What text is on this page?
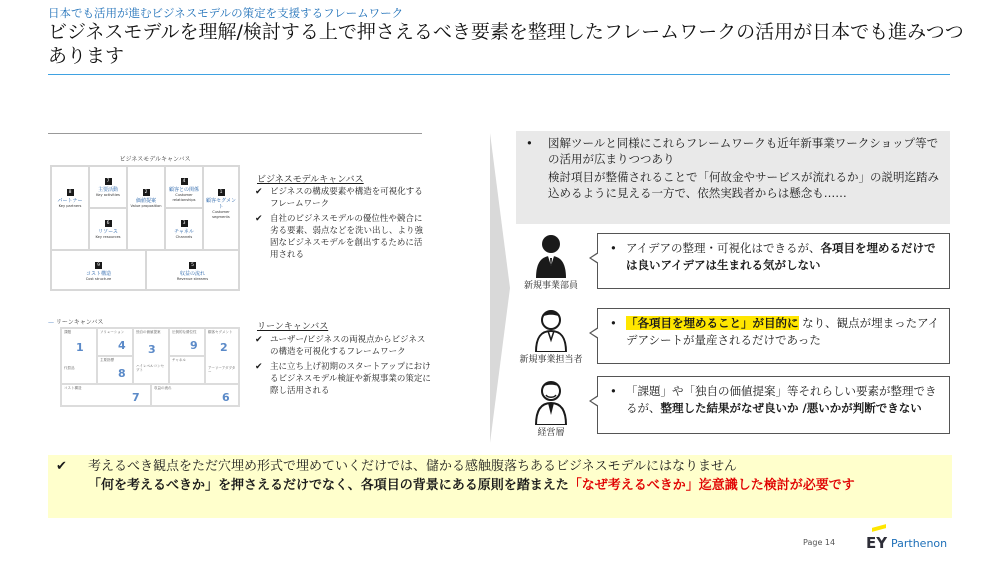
日本でも活用が進むビジネスモデルの策定を支援するフレームワーク
ビジネスモデルを理解/検討する上で押さえるべき要素を整理したフレームワークの活用が日本でも進みつつあります
ビジネスモデルキャンバス
8
パートナー
Key partners
7
主要活動
Key activities
6
リソース
Key resources
2
価値提案
Value proposition
4
顧客との関係
Customer relationships
3
チャネル
Channels
1
顧客セグメント
Customer segments
9
コスト構造
Cost structure
5
収益の流れ
Revenue streams
ビジネスモデルキャンバス
✔ ビジネスの構成要素や構造を可視化するフレームワーク
✔ 自社のビジネスモデルの優位性や競合に劣る要素、弱点などを洗い出し、より強固なビジネスモデルを創出するために活用される
— リーンキャンバス
課題
1
代替品
ソリューション
4
主要指標
8
独自の価値提案
3
ハイレベルコンセプト
圧倒的な優位性
9
チャネル
顧客セグメント
2
アーリーアダプター
コスト構造
7
収益の流れ
6
リーンキャンバス
✔ ユーザー/ビジネスの両視点からビジネスの構造を可視化するフレームワーク
✔ 主に立ち上げ初期のスタートアップにおけるビジネスモデル検証や新規事業の策定に際し活用される
• 図解ツールと同様にこれらフレームワークも近年新事業ワークショップ等での活用が広まりつつあり
検討項目が整備されることで「何故金やサービスが流れるか」の説明迄踏み込めるように見える一方で、依然実践者からは懸念も……
新規事業部員
新規事業担当者
経営層
• アイデアの整理・可視化はできるが、各項目を埋めるだけでは良いアイデアは生まれる気がしない
• 「各項目を埋めること」が目的に なり、観点が埋まったアイデアシートが量産されるだけであった
• 「課題」や「独自の価値提案」等それらしい要素が整理できるが、整理した結果がなぜ良いか /悪いかが判断できない
✔ 考えるべき観点をただ穴埋め形式で埋めていくだけでは、儲かる感触腹落ちあるビジネスモデルにはなりません
「何を考えるべきか」を押さえるだけでなく、各項目の背景にある原則を踏まえた「なぜ考えるべきか」迄意識した検討が必要です
Page 14 EY Parthenon
